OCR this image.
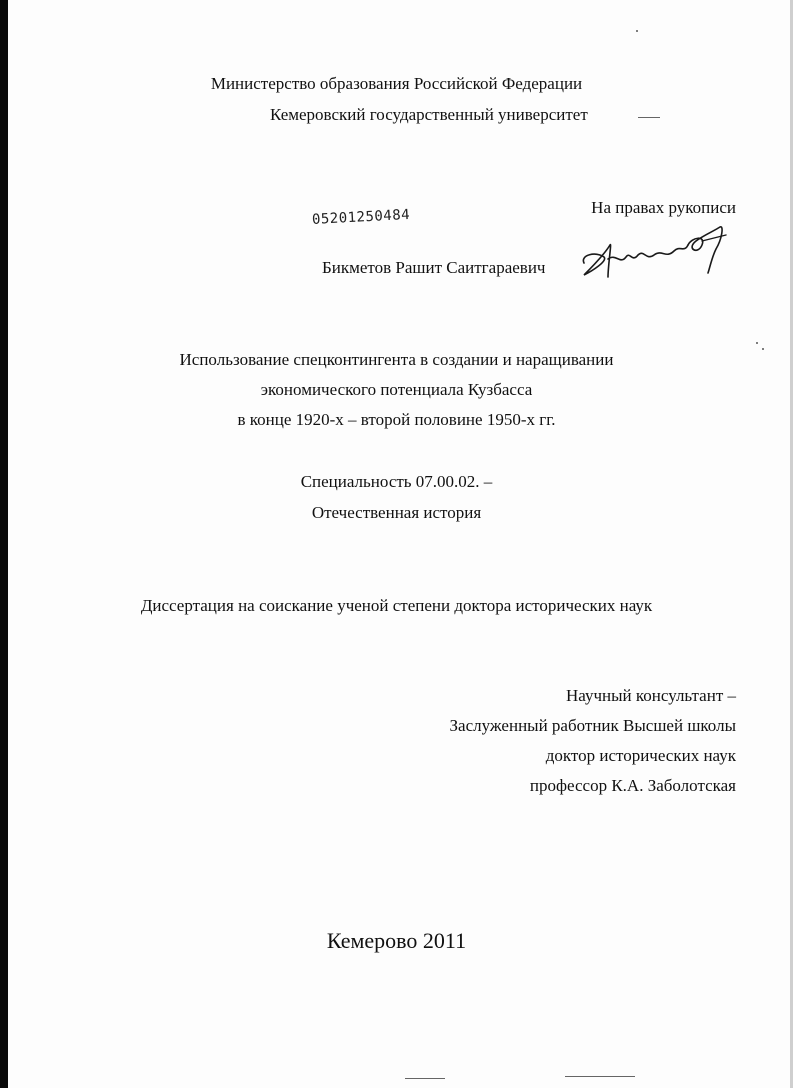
Министерство образования Российской Федерации
Кемеровский государственный университет
На правах рукописи
05201250484
Бикметов Рашит Саитгараевич
Использование спецконтингента в создании и наращивании
экономического потенциала Кузбасса
в конце 1920-х – второй половине 1950-х гг.
Специальность 07.00.02. –
Отечественная история
Диссертация на соискание ученой степени доктора исторических наук
Научный консультант –
Заслуженный работник Высшей школы
доктор исторических наук
профессор К.А. Заболотская
Кемерово 2011
